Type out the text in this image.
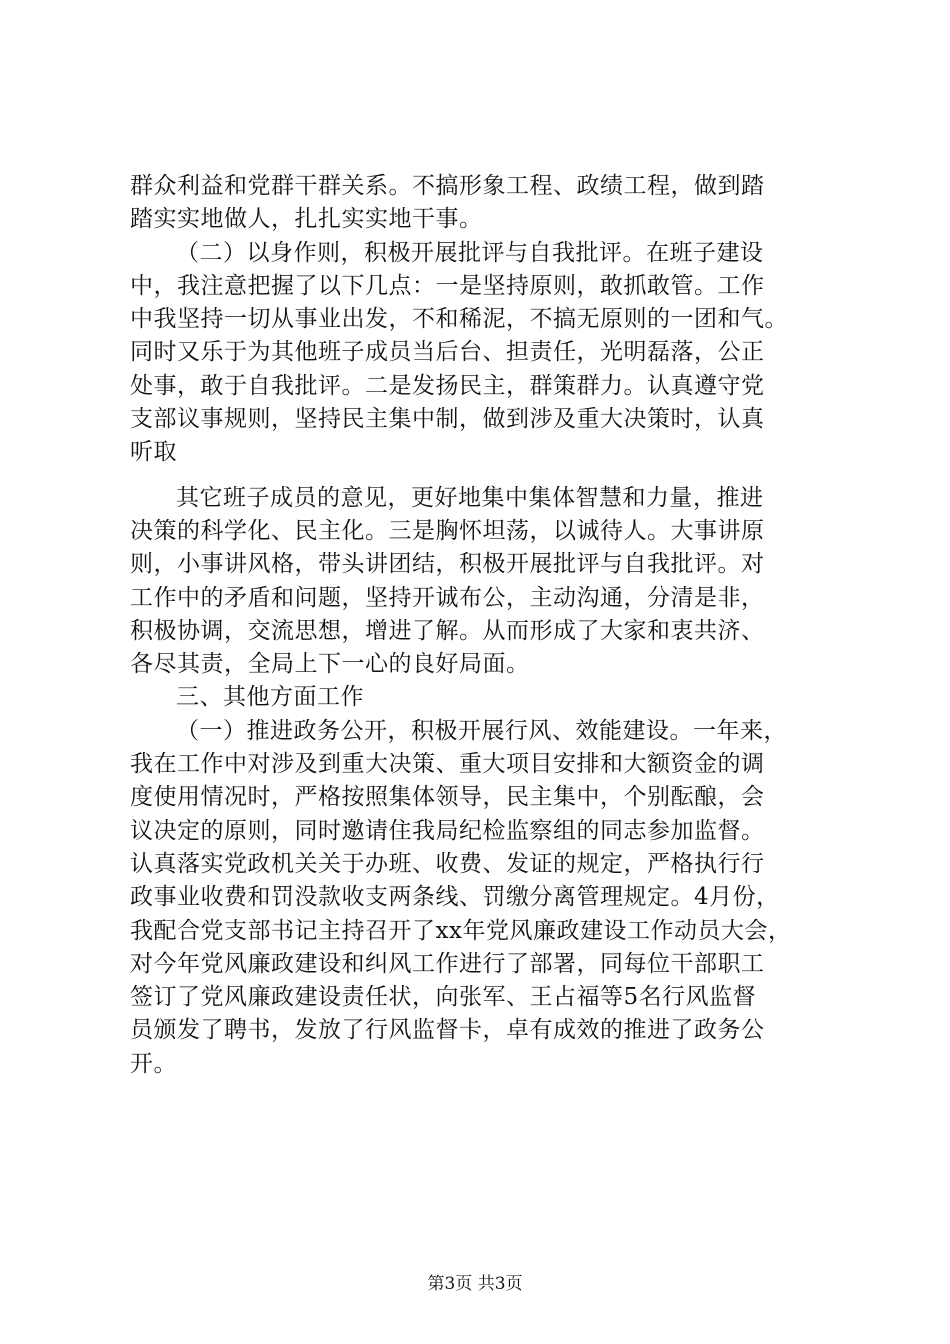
群众利益和党群干群关系。不搞形象工程、政绩工程，做到踏
踏实实地做人，扎扎实实地干事。
（二）以身作则，积极开展批评与自我批评。在班子建设
中，我注意把握了以下几点：一是坚持原则，敢抓敢管。工作
中我坚持一切从事业出发，不和稀泥，不搞无原则的一团和气。
同时又乐于为其他班子成员当后台、担责任，光明磊落，公正
处事，敢于自我批评。二是发扬民主，群策群力。认真遵守党
支部议事规则，坚持民主集中制，做到涉及重大决策时，认真
听取
其它班子成员的意见，更好地集中集体智慧和力量，推进
决策的科学化、民主化。三是胸怀坦荡，以诚待人。大事讲原
则，小事讲风格，带头讲团结，积极开展批评与自我批评。对
工作中的矛盾和问题，坚持开诚布公，主动沟通，分清是非，
积极协调，交流思想，增进了解。从而形成了大家和衷共济、
各尽其责，全局上下一心的良好局面。
三、其他方面工作
（一）推进政务公开，积极开展行风、效能建设。一年来，
我在工作中对涉及到重大决策、重大项目安排和大额资金的调
度使用情况时，严格按照集体领导，民主集中，个别酝酿，会
议决定的原则，同时邀请住我局纪检监察组的同志参加监督。
认真落实党政机关关于办班、收费、发证的规定，严格执行行
政事业收费和罚没款收支两条线、罚缴分离管理规定。4月份，
我配合党支部书记主持召开了xx年党风廉政建设工作动员大会，
对今年党风廉政建设和纠风工作进行了部署，同每位干部职工
签订了党风廉政建设责任状，向张军、王占福等5名行风监督
员颁发了聘书，发放了行风监督卡，卓有成效的推进了政务公
开。
第3页 共3页
